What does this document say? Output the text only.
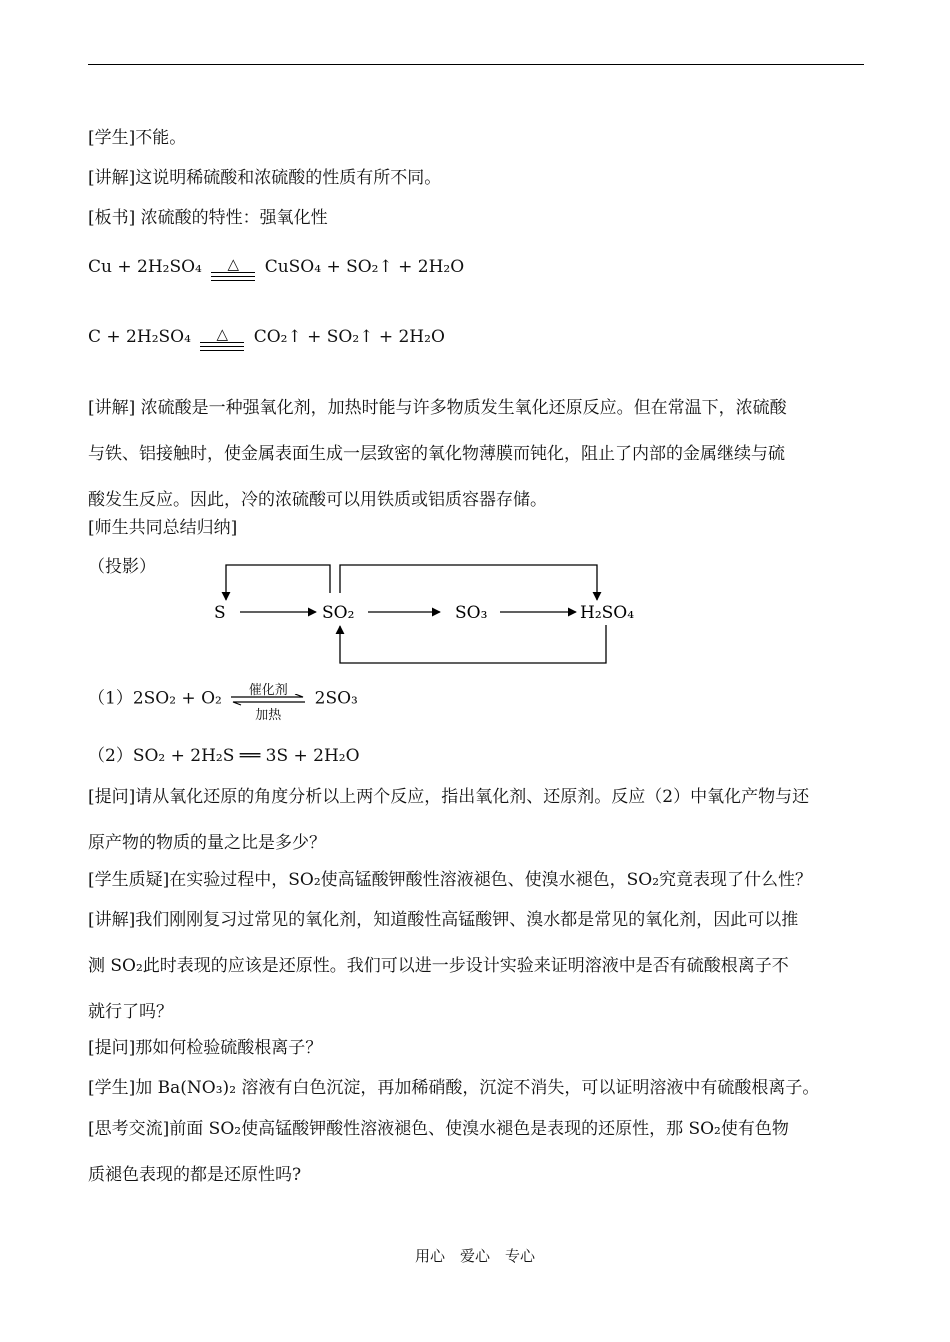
[学生]不能。
[讲解]这说明稀硫酸和浓硫酸的性质有所不同。
[板书] 浓硫酸的特性：强氧化性
Cu + 2H₂SO₄	△	CuSO₄ + SO₂↑ + 2H₂O
C + 2H₂SO₄	△	CO₂↑ + SO₂↑ + 2H₂O
[讲解] 浓硫酸是一种强氧化剂，加热时能与许多物质发生氧化还原反应。但在常温下，浓硫酸
与铁、铝接触时，使金属表面生成一层致密的氧化物薄膜而钝化，阻止了内部的金属继续与硫
酸发生反应。因此，冷的浓硫酸可以用铁质或铝质容器存储。
[师生共同总结归纳]
（投影）
S	SO₂	SO₃	H₂SO₄
（1）2SO₂ + O₂	催化剂
加热
2SO₃
（2）SO₂ + 2H₂S ══ 3S + 2H₂O
[提问]请从氧化还原的角度分析以上两个反应，指出氧化剂、还原剂。反应（2）中氧化产物与还
原产物的物质的量之比是多少？
[学生质疑]在实验过程中，SO₂使高锰酸钾酸性溶液褪色、使溴水褪色，SO₂究竟表现了什么性？
[讲解]我们刚刚复习过常见的氧化剂，知道酸性高锰酸钾、溴水都是常见的氧化剂，因此可以推
测 SO₂此时表现的应该是还原性。我们可以进一步设计实验来证明溶液中是否有硫酸根离子不
就行了吗？
[提问]那如何检验硫酸根离子？
[学生]加 Ba(NO₃)₂ 溶液有白色沉淀，再加稀硝酸，沉淀不消失，可以证明溶液中有硫酸根离子。
[思考交流]前面 SO₂使高锰酸钾酸性溶液褪色、使溴水褪色是表现的还原性，那 SO₂使有色物
质褪色表现的都是还原性吗?
用心　爱心　专心
